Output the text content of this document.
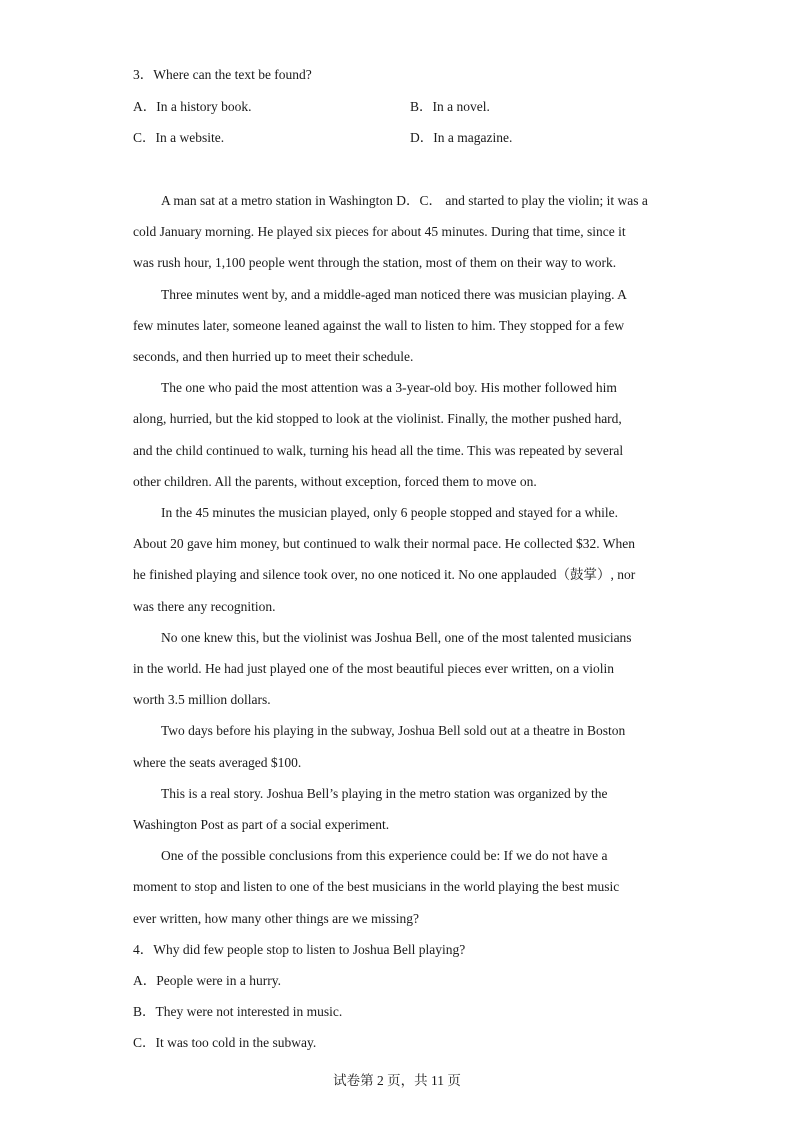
3．Where can the text be found?
A．In a history book.	B．In a novel.
C．In a website.	D．In a magazine.
A man sat at a metro station in Washington D．C． and started to play the violin; it was a
cold January morning. He played six pieces for about 45 minutes. During that time, since it
was rush hour, 1,100 people went through the station, most of them on their way to work.
Three minutes went by, and a middle-aged man noticed there was musician playing. A
few minutes later, someone leaned against the wall to listen to him. They stopped for a few
seconds, and then hurried up to meet their schedule.
The one who paid the most attention was a 3-year-old boy. His mother followed him
along, hurried, but the kid stopped to look at the violinist. Finally, the mother pushed hard,
and the child continued to walk, turning his head all the time. This was repeated by several
other children. All the parents, without exception, forced them to move on.
In the 45 minutes the musician played, only 6 people stopped and stayed for a while.
About 20 gave him money, but continued to walk their normal pace. He collected $32. When
he finished playing and silence took over, no one noticed it. No one applauded（鼓掌）, nor
was there any recognition.
No one knew this, but the violinist was Joshua Bell, one of the most talented musicians
in the world. He had just played one of the most beautiful pieces ever written, on a violin
worth 3.5 million dollars.
Two days before his playing in the subway, Joshua Bell sold out at a theatre in Boston
where the seats averaged $100.
This is a real story. Joshua Bell’s playing in the metro station was organized by the
Washington Post as part of a social experiment.
One of the possible conclusions from this experience could be: If we do not have a
moment to stop and listen to one of the best musicians in the world playing the best music
ever written, how many other things are we missing?
4．Why did few people stop to listen to Joshua Bell playing?
A．People were in a hurry.
B．They were not interested in music.
C．It was too cold in the subway.
试卷第 2 页，共 11 页
